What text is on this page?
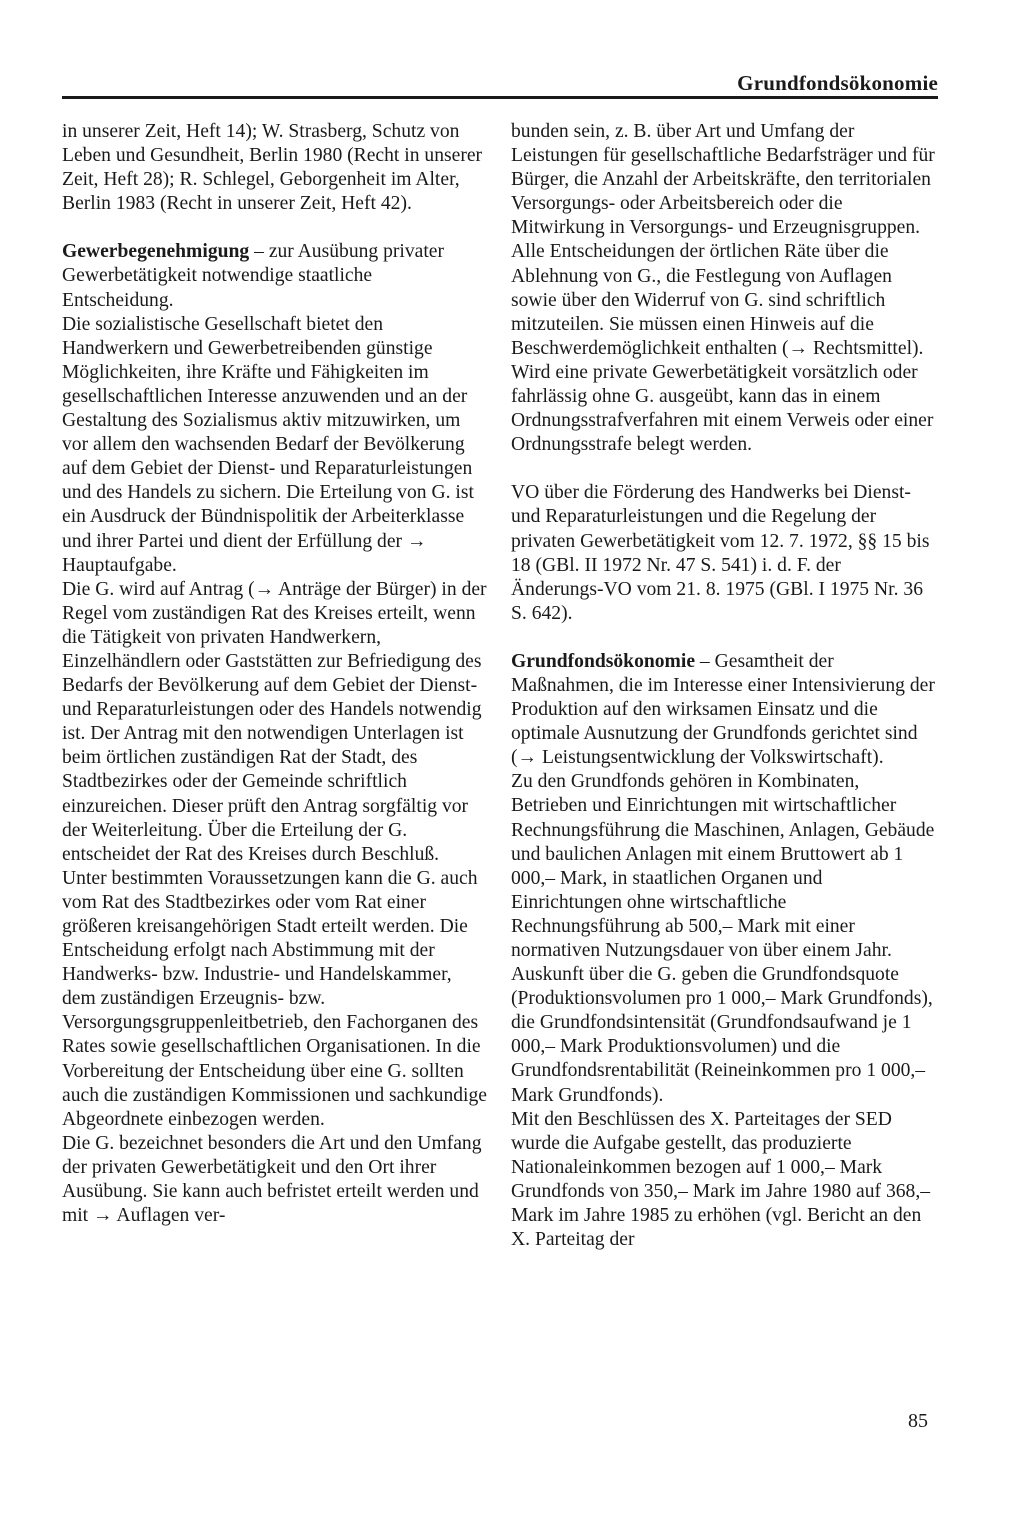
Grundfondsökonomie

in unserer Zeit, Heft 14); W. Strasberg, Schutz von Leben und Gesundheit, Berlin 1980 (Recht in unserer Zeit, Heft 28); R. Schlegel, Geborgenheit im Alter, Berlin 1983 (Recht in unserer Zeit, Heft 42).

Gewerbegenehmigung – zur Ausübung privater Gewerbetätigkeit notwendige staatliche Entscheidung.

Die sozialistische Gesellschaft bietet den Handwerkern und Gewerbetreibenden günstige Möglichkeiten, ihre Kräfte und Fähigkeiten im gesellschaftlichen Interesse anzuwenden und an der Gestaltung des Sozialismus aktiv mitzuwirken, um vor allem den wachsenden Bedarf der Bevölkerung auf dem Gebiet der Dienst- und Reparaturleistungen und des Handels zu sichern. Die Erteilung von G. ist ein Ausdruck der Bündnispolitik der Arbeiterklasse und ihrer Partei und dient der Erfüllung der → Hauptaufgabe.

Die G. wird auf Antrag (→ Anträge der Bürger) in der Regel vom zuständigen Rat des Kreises erteilt, wenn die Tätigkeit von privaten Handwerkern, Einzelhändlern oder Gaststätten zur Befriedigung des Bedarfs der Bevölkerung auf dem Gebiet der Dienst- und Reparaturleistungen oder des Handels notwendig ist. Der Antrag mit den notwendigen Unterlagen ist beim örtlichen zuständigen Rat der Stadt, des Stadtbezirkes oder der Gemeinde schriftlich einzureichen. Dieser prüft den Antrag sorgfältig vor der Weiterleitung. Über die Erteilung der G. entscheidet der Rat des Kreises durch Beschluß. Unter bestimmten Voraussetzungen kann die G. auch vom Rat des Stadtbezirkes oder vom Rat einer größeren kreisangehörigen Stadt erteilt werden. Die Entscheidung erfolgt nach Abstimmung mit der Handwerks- bzw. Industrie- und Handelskammer, dem zuständigen Erzeugnis- bzw. Versorgungsgruppenleitbetrieb, den Fachorganen des Rates sowie gesellschaftlichen Organisationen. In die Vorbereitung der Entscheidung über eine G. sollten auch die zuständigen Kommissionen und sachkundige Abgeordnete einbezogen werden.

Die G. bezeichnet besonders die Art und den Umfang der privaten Gewerbetätigkeit und den Ort ihrer Ausübung. Sie kann auch befristet erteilt werden und mit → Auflagen ver-

bunden sein, z. B. über Art und Umfang der Leistungen für gesellschaftliche Bedarfsträger und für Bürger, die Anzahl der Arbeitskräfte, den territorialen Versorgungs- oder Arbeitsbereich oder die Mitwirkung in Versorgungs- und Erzeugnisgruppen.

Alle Entscheidungen der örtlichen Räte über die Ablehnung von G., die Festlegung von Auflagen sowie über den Widerruf von G. sind schriftlich mitzuteilen. Sie müssen einen Hinweis auf die Beschwerdemöglichkeit enthalten (→ Rechtsmittel).

Wird eine private Gewerbetätigkeit vorsätzlich oder fahrlässig ohne G. ausgeübt, kann das in einem Ordnungsstrafverfahren mit einem Verweis oder einer Ordnungsstrafe belegt werden.

VO über die Förderung des Handwerks bei Dienst- und Reparaturleistungen und die Regelung der privaten Gewerbetätigkeit vom 12. 7. 1972, §§ 15 bis 18 (GBl. II 1972 Nr. 47 S. 541) i. d. F. der Änderungs-VO vom 21. 8. 1975 (GBl. I 1975 Nr. 36 S. 642).

Grundfondsökonomie – Gesamtheit der Maßnahmen, die im Interesse einer Intensivierung der Produktion auf den wirksamen Einsatz und die optimale Ausnutzung der Grundfonds gerichtet sind (→ Leistungsentwicklung der Volkswirtschaft).

Zu den Grundfonds gehören in Kombinaten, Betrieben und Einrichtungen mit wirtschaftlicher Rechnungsführung die Maschinen, Anlagen, Gebäude und baulichen Anlagen mit einem Bruttowert ab 1 000,– Mark, in staatlichen Organen und Einrichtungen ohne wirtschaftliche Rechnungsführung ab 500,– Mark mit einer normativen Nutzungsdauer von über einem Jahr. Auskunft über die G. geben die Grundfondsquote (Produktionsvolumen pro 1 000,– Mark Grundfonds), die Grundfondsintensität (Grundfondsaufwand je 1 000,– Mark Produktionsvolumen) und die Grundfondsrentabilität (Reineinkommen pro 1 000,– Mark Grundfonds).

Mit den Beschlüssen des X. Parteitages der SED wurde die Aufgabe gestellt, das produzierte Nationaleinkommen bezogen auf 1 000,– Mark Grundfonds von 350,– Mark im Jahre 1980 auf 368,– Mark im Jahre 1985 zu erhöhen (vgl. Bericht an den X. Parteitag der

85
